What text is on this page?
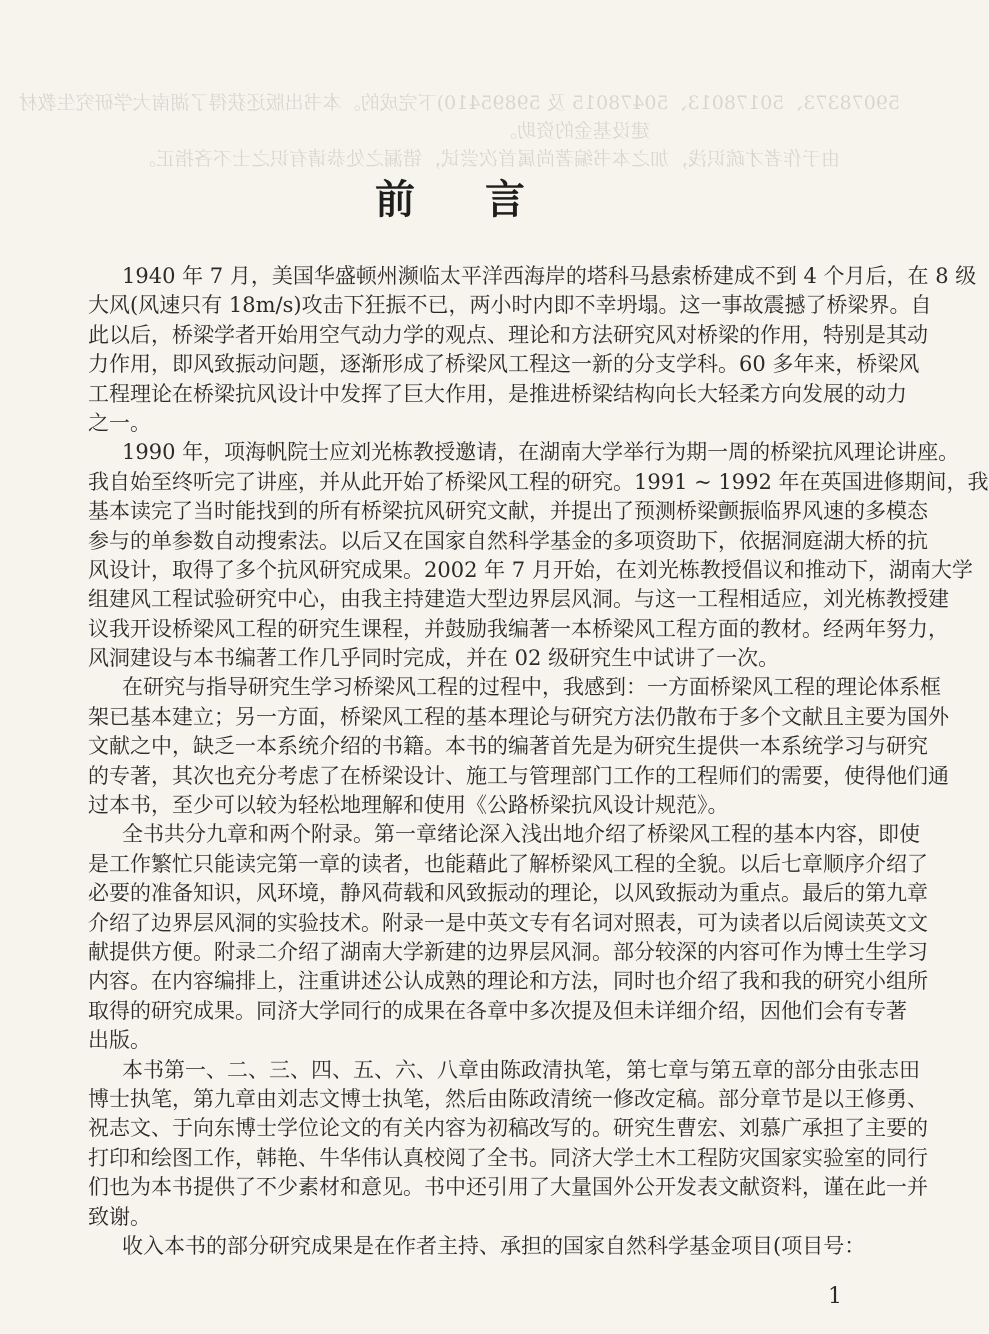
59078373、50178013、50478015 及 59895410)下完成的。本书出版还获得了湖南大学研究生教材
建设基金的资助。
由于作者才疏识浅，加之本书编著尚属首次尝试，错漏之处恭请有识之士不吝指正。
前言
1940 年 7 月，美国华盛顿州濒临太平洋西海岸的塔科马悬索桥建成不到 4 个月后，在 8 级
大风(风速只有 18m/s)攻击下狂振不已，两小时内即不幸坍塌。这一事故震撼了桥梁界。自
此以后，桥梁学者开始用空气动力学的观点、理论和方法研究风对桥梁的作用，特别是其动
力作用，即风致振动问题，逐渐形成了桥梁风工程这一新的分支学科。60 多年来，桥梁风
工程理论在桥梁抗风设计中发挥了巨大作用，是推进桥梁结构向长大轻柔方向发展的动力
之一。
1990 年，项海帆院士应刘光栋教授邀请，在湖南大学举行为期一周的桥梁抗风理论讲座。
我自始至终听完了讲座，并从此开始了桥梁风工程的研究。1991 ~ 1992 年在英国进修期间，我
基本读完了当时能找到的所有桥梁抗风研究文献，并提出了预测桥梁颤振临界风速的多模态
参与的单参数自动搜索法。以后又在国家自然科学基金的多项资助下，依据洞庭湖大桥的抗
风设计，取得了多个抗风研究成果。2002 年 7 月开始，在刘光栋教授倡议和推动下，湖南大学
组建风工程试验研究中心，由我主持建造大型边界层风洞。与这一工程相适应，刘光栋教授建
议我开设桥梁风工程的研究生课程，并鼓励我编著一本桥梁风工程方面的教材。经两年努力，
风洞建设与本书编著工作几乎同时完成，并在 02 级研究生中试讲了一次。
在研究与指导研究生学习桥梁风工程的过程中，我感到：一方面桥梁风工程的理论体系框
架已基本建立；另一方面，桥梁风工程的基本理论与研究方法仍散布于多个文献且主要为国外
文献之中，缺乏一本系统介绍的书籍。本书的编著首先是为研究生提供一本系统学习与研究
的专著，其次也充分考虑了在桥梁设计、施工与管理部门工作的工程师们的需要，使得他们通
过本书，至少可以较为轻松地理解和使用《公路桥梁抗风设计规范》。
全书共分九章和两个附录。第一章绪论深入浅出地介绍了桥梁风工程的基本内容，即使
是工作繁忙只能读完第一章的读者，也能藉此了解桥梁风工程的全貌。以后七章顺序介绍了
必要的准备知识，风环境，静风荷载和风致振动的理论，以风致振动为重点。最后的第九章
介绍了边界层风洞的实验技术。附录一是中英文专有名词对照表，可为读者以后阅读英文文
献提供方便。附录二介绍了湖南大学新建的边界层风洞。部分较深的内容可作为博士生学习
内容。在内容编排上，注重讲述公认成熟的理论和方法，同时也介绍了我和我的研究小组所
取得的研究成果。同济大学同行的成果在各章中多次提及但未详细介绍，因他们会有专著
出版。
本书第一、二、三、四、五、六、八章由陈政清执笔，第七章与第五章的部分由张志田
博士执笔，第九章由刘志文博士执笔，然后由陈政清统一修改定稿。部分章节是以王修勇、
祝志文、于向东博士学位论文的有关内容为初稿改写的。研究生曹宏、刘慕广承担了主要的
打印和绘图工作，韩艳、牛华伟认真校阅了全书。同济大学土木工程防灾国家实验室的同行
们也为本书提供了不少素材和意见。书中还引用了大量国外公开发表文献资料，谨在此一并
致谢。
收入本书的部分研究成果是在作者主持、承担的国家自然科学基金项目(项目号：
1
